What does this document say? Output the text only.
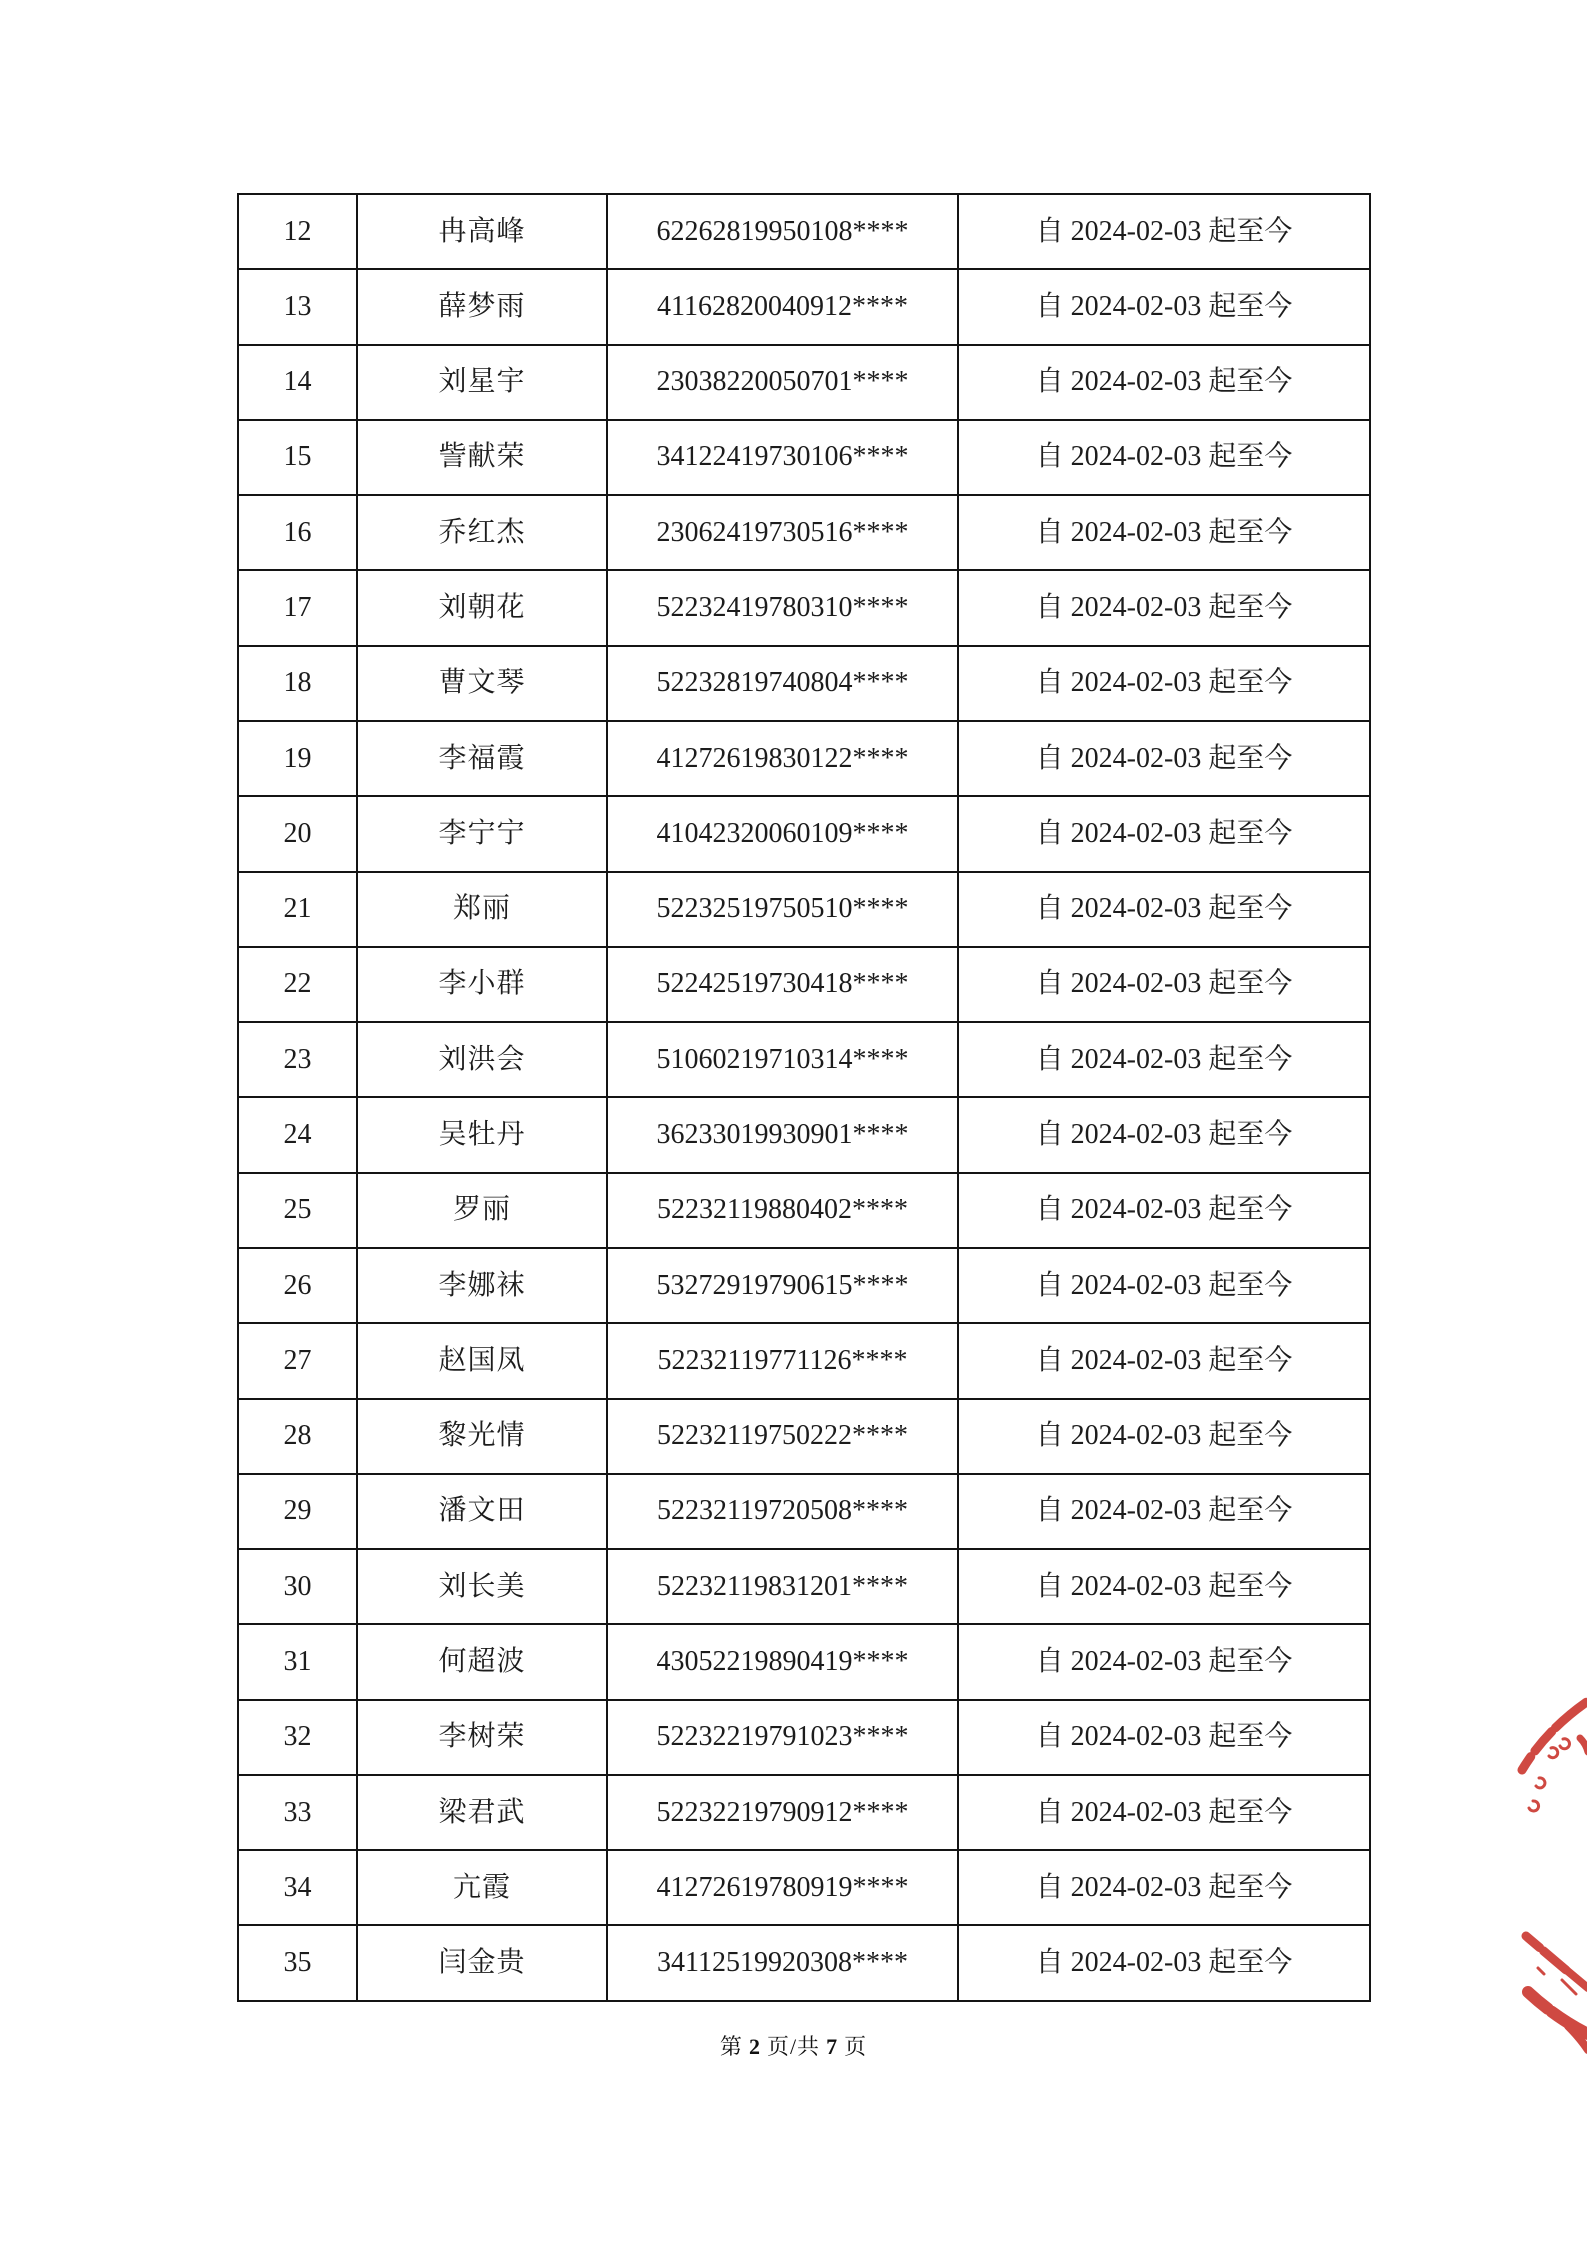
12	冉高峰	62262819950108****	自 2024-02-03 起至今
13	薛梦雨	41162820040912****	自 2024-02-03 起至今
14	刘星宇	23038220050701****	自 2024-02-03 起至今
15	訾献荣	34122419730106****	自 2024-02-03 起至今
16	乔红杰	23062419730516****	自 2024-02-03 起至今
17	刘朝花	52232419780310****	自 2024-02-03 起至今
18	曹文琴	52232819740804****	自 2024-02-03 起至今
19	李福霞	41272619830122****	自 2024-02-03 起至今
20	李宁宁	41042320060109****	自 2024-02-03 起至今
21	郑丽	52232519750510****	自 2024-02-03 起至今
22	李小群	52242519730418****	自 2024-02-03 起至今
23	刘洪会	51060219710314****	自 2024-02-03 起至今
24	吴牡丹	36233019930901****	自 2024-02-03 起至今
25	罗丽	52232119880402****	自 2024-02-03 起至今
26	李娜袜	53272919790615****	自 2024-02-03 起至今
27	赵国凤	52232119771126****	自 2024-02-03 起至今
28	黎光情	52232119750222****	自 2024-02-03 起至今
29	潘文田	52232119720508****	自 2024-02-03 起至今
30	刘长美	52232119831201****	自 2024-02-03 起至今
31	何超波	43052219890419****	自 2024-02-03 起至今
32	李树荣	52232219791023****	自 2024-02-03 起至今
33	梁君武	52232219790912****	自 2024-02-03 起至今
34	亢霞	41272619780919****	自 2024-02-03 起至今
35	闫金贵	34112519920308****	自 2024-02-03 起至今
第 2 页/共 7 页
